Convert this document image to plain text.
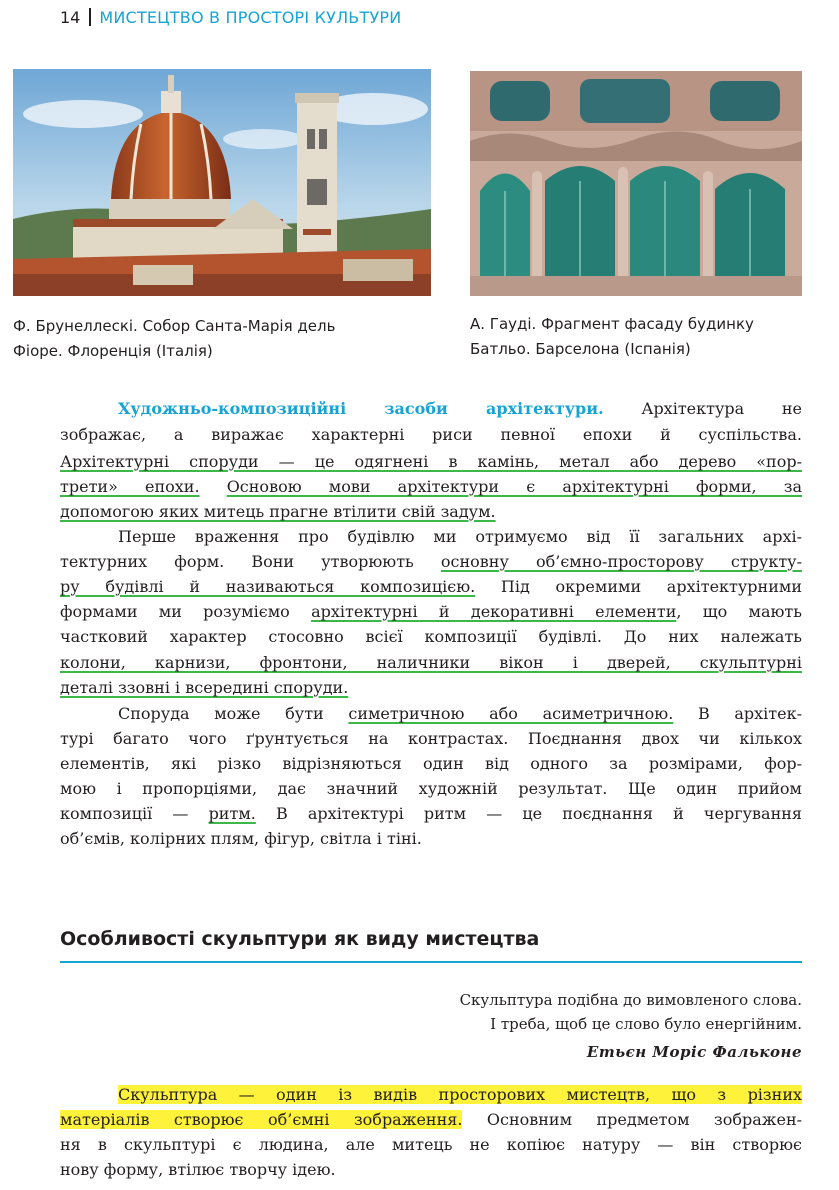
14 МИСТЕЦТВО В ПРОСТОРІ КУЛЬТУРИ
Ф. Брунеллескі. Собор Санта-Марія дель
Фіоре. Флоренція (Італія)
А. Гауді. Фрагмент фасаду будинку
Батльо. Барселона (Іспанія)
Художньо-композиційні засоби архітектури. Архітектура не
зображає, а виражає характерні риси певної епохи й суспільства.
Архітектурні споруди — це одягнені в камінь, метал або дерево «пор-
трети» епохи. Основою мови архітектури є архітектурні форми, за
допомогою яких митець прагне втілити свій задум.
Перше враження про будівлю ми отримуємо від її загальних архі-
тектурних форм. Вони утворюють основну об’ємно-просторову структу-
ру будівлі й називаються композицією. Під окремими архітектурними
формами ми розуміємо архітектурні й декоративні елементи, що мають
частковий характер стосовно всієї композиції будівлі. До них належать
колони, карнизи, фронтони, наличники вікон і дверей, скульптурні
деталі ззовні і всередині споруди.
Споруда може бути симетричною або асиметричною. В архітек-
турі багато чого ґрунтується на контрастах. Поєднання двох чи кількох
елементів, які різко відрізняються один від одного за розмірами, фор-
мою і пропорціями, дає значний художній результат. Ще один прийом
композиції — ритм. В архітектурі ритм — це поєднання й чергування
об’ємів, колірних плям, фігур, світла і тіні.
Особливості скульптури як виду мистецтва
Скульптура подібна до вимовленого слова.
І треба, щоб це слово було енергійним.
Етьєн Моріс Фальконе
Скульптура — один із видів просторових мистецтв, що з різних
матеріалів створює об’ємні зображення. Основним предметом зображен-
ня в скульптурі є людина, але митець не копіює натуру — він створює
нову форму, втілює творчу ідею.
